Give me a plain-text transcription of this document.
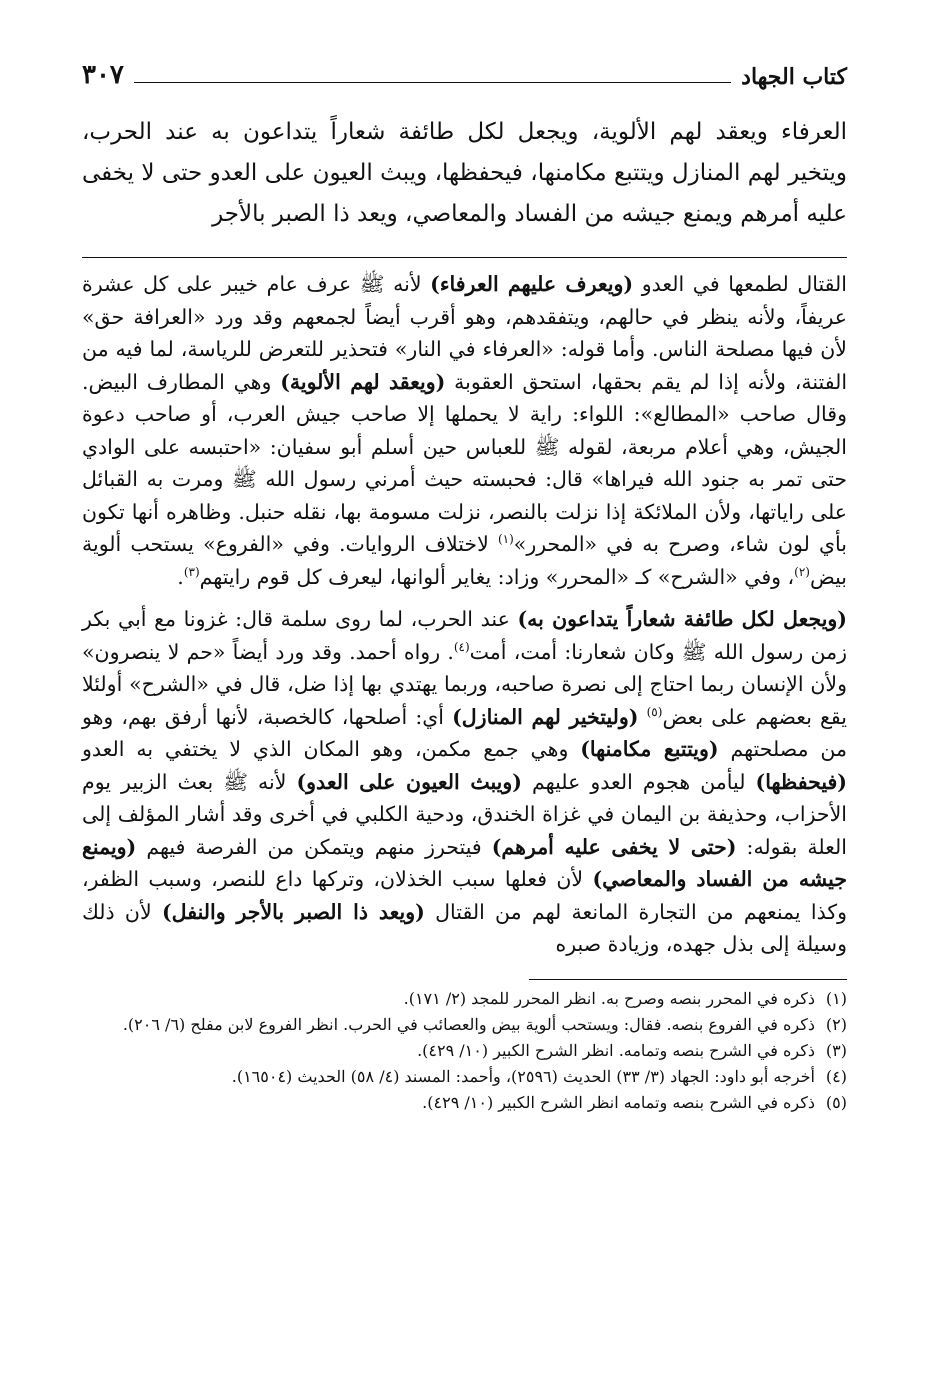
كتاب الجهاد
٣٠٧

العرفاء ويعقد لهم الألوية، ويجعل لكل طائفة شعاراً يتداعون به عند الحرب، ويتخير لهم المنازل ويتتبع مكامنها، فيحفظها، ويبث العيون على العدو حتى لا يخفى عليه أمرهم ويمنع جيشه من الفساد والمعاصي، ويعد ذا الصبر بالأجر

القتال لطمعها في العدو (ويعرف عليهم العرفاء) لأنه ﷺ عرف عام خيبر على كل عشرة عريفاً، ولأنه ينظر في حالهم، ويتفقدهم، وهو أقرب أيضاً لجمعهم وقد ورد «العرافة حق» لأن فيها مصلحة الناس. وأما قوله: «العرفاء في النار» فتحذير للتعرض للرياسة، لما فيه من الفتنة، ولأنه إذا لم يقم بحقها، استحق العقوبة (ويعقد لهم الألوية) وهي المطارف البيض. وقال صاحب «المطالع»: اللواء: راية لا يحملها إلا صاحب جيش العرب، أو صاحب دعوة الجيش، وهي أعلام مربعة، لقوله ﷺ للعباس حين أسلم أبو سفيان: «احتبسه على الوادي حتى تمر به جنود الله فيراها» قال: فحبسته حيث أمرني رسول الله ﷺ ومرت به القبائل على راياتها، ولأن الملائكة إذا نزلت بالنصر، نزلت مسومة بها، نقله حنبل. وظاهره أنها تكون بأي لون شاء، وصرح به في «المحرر»$^{(١)}$ لاختلاف الروايات. وفي «الفروع» يستحب ألوية بيض$^{(٢)}$، وفي «الشرح» كـ «المحرر» وزاد: يغاير ألوانها، ليعرف كل قوم رايتهم$^{(٣)}$.

(ويجعل لكل طائفة شعاراً يتداعون به) عند الحرب، لما روى سلمة قال: غزونا مع أبي بكر زمن رسول الله ﷺ وكان شعارنا: أمت، أمت$^{(٤)}$. رواه أحمد. وقد ورد أيضاً «حم لا ينصرون» ولأن الإنسان ربما احتاج إلى نصرة صاحبه، وربما يهتدي بها إذا ضل، قال في «الشرح» أولئلا يقع بعضهم على بعض$^{(٥)}$ (وليتخير لهم المنازل) أي: أصلحها، كالخصبة، لأنها أرفق بهم، وهو من مصلحتهم (ويتتبع مكامنها) وهي جمع مكمن، وهو المكان الذي لا يختفي به العدو (فيحفظها) ليأمن هجوم العدو عليهم (ويبث العيون على العدو) لأنه ﷺ بعث الزبير يوم الأحزاب، وحذيفة بن اليمان في غزاة الخندق، ودحية الكلبي في أخرى وقد أشار المؤلف إلى العلة بقوله: (حتى لا يخفى عليه أمرهم) فيتحرز منهم ويتمكن من الفرصة فيهم (ويمنع جيشه من الفساد والمعاصي) لأن فعلها سبب الخذلان، وتركها داع للنصر، وسبب الظفر، وكذا يمنعهم من التجارة المانعة لهم من القتال (ويعد ذا الصبر بالأجر والنفل) لأن ذلك وسيلة إلى بذل جهده، وزيادة صبره

(١)
ذكره في المحرر بنصه وصرح به. انظر المحرر للمجد (٢/ ١٧١).
(٢)
ذكره في الفروع بنصه. فقال: ويستحب ألوية بيض والعصائب في الحرب. انظر الفروع لابن مفلح (٦/ ٢٠٦).
(٣)
ذكره في الشرح بنصه وتمامه. انظر الشرح الكبير (١٠/ ٤٢٩).
(٤)
أخرجه أبو داود: الجهاد (٣/ ٣٣) الحديث (٢٥٩٦)، وأحمد: المسند (٤/ ٥٨) الحديث (١٦٥٠٤).
(٥)
ذكره في الشرح بنصه وتمامه انظر الشرح الكبير (١٠/ ٤٢٩).
